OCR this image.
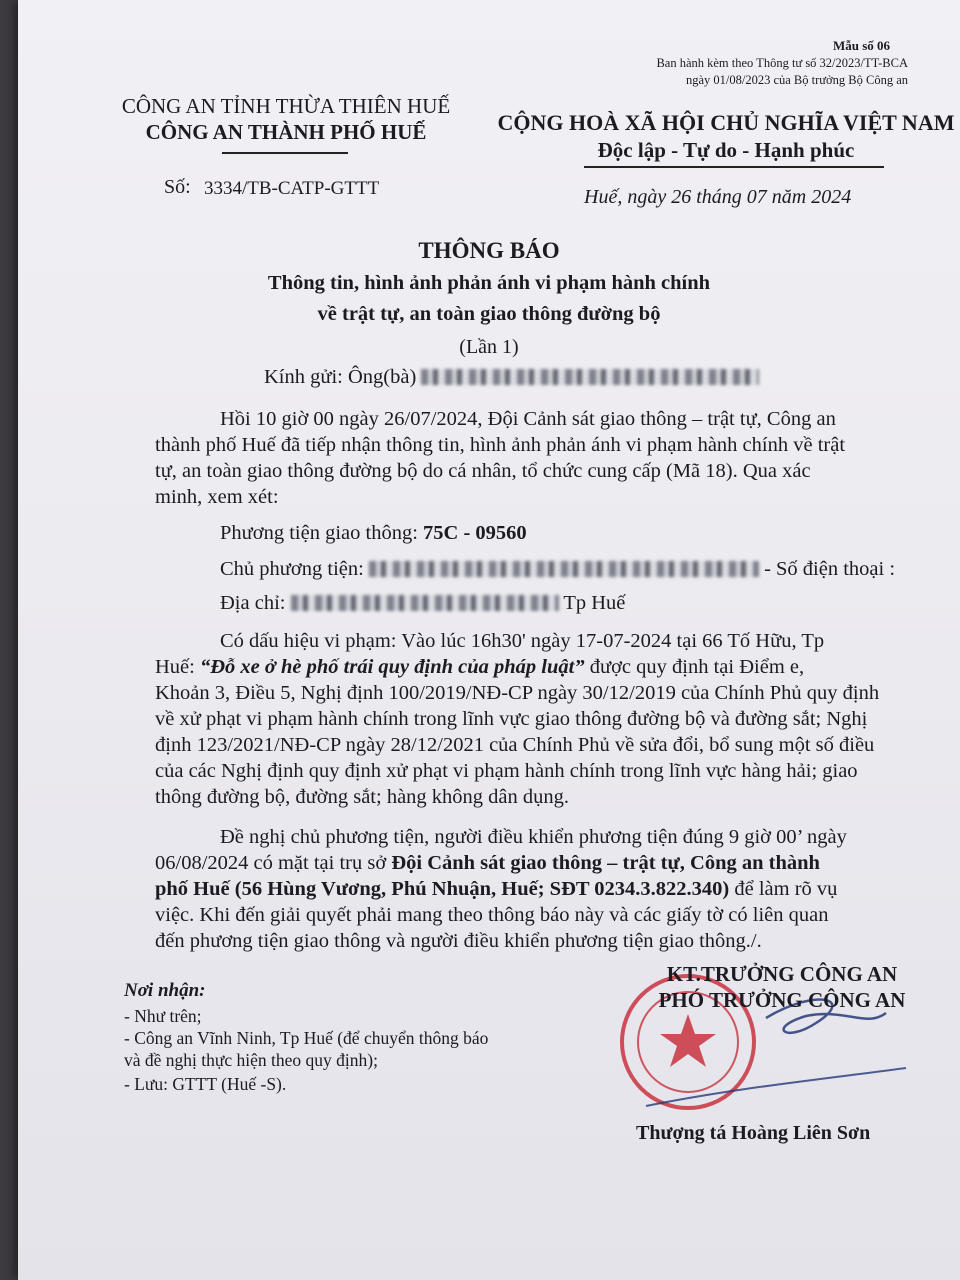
Mẫu số 06
Ban hành kèm theo Thông tư số 32/2023/TT-BCA
ngày 01/08/2023 của Bộ trưởng Bộ Công an
CÔNG AN TỈNH THỪA THIÊN HUẾ
CÔNG AN THÀNH PHỐ HUẾ
Số: 3334/TB-CATP-GTTT
CỘNG HOÀ XÃ HỘI CHỦ NGHĨA VIỆT NAM
Độc lập - Tự do - Hạnh phúc
Huế, ngày 26 tháng 07 năm 2024
THÔNG BÁO
Thông tin, hình ảnh phản ánh vi phạm hành chính
về trật tự, an toàn giao thông đường bộ
(Lần 1)
Kính gửi: Ông(bà)
Hồi 10 giờ 00 ngày 26/07/2024, Đội Cảnh sát giao thông – trật tự, Công an
thành phố Huế đã tiếp nhận thông tin, hình ảnh phản ánh vi phạm hành chính về trật
tự, an toàn giao thông đường bộ do cá nhân, tổ chức cung cấp (Mã 18). Qua xác
minh, xem xét:
Phương tiện giao thông: 75C - 09560
Chủ phương tiện:	- Số điện thoại :
Địa chỉ:	Tp Huế
Có dấu hiệu vi phạm: Vào lúc 16h30' ngày 17-07-2024 tại 66 Tố Hữu, Tp
Huế: “Đỗ xe ở hè phố trái quy định của pháp luật” được quy định tại Điểm e,
Khoản 3, Điều 5, Nghị định 100/2019/NĐ-CP ngày 30/12/2019 của Chính Phủ quy định
về xử phạt vi phạm hành chính trong lĩnh vực giao thông đường bộ và đường sắt; Nghị
định 123/2021/NĐ-CP ngày 28/12/2021 của Chính Phủ về sửa đổi, bổ sung một số điều
của các Nghị định quy định xử phạt vi phạm hành chính trong lĩnh vực hàng hải; giao
thông đường bộ, đường sắt; hàng không dân dụng.
Đề nghị chủ phương tiện, người điều khiển phương tiện đúng 9 giờ 00’ ngày
06/08/2024 có mặt tại trụ sở Đội Cảnh sát giao thông – trật tự, Công an thành
phố Huế (56 Hùng Vương, Phú Nhuận, Huế; SĐT 0234.3.822.340) để làm rõ vụ
việc. Khi đến giải quyết phải mang theo thông báo này và các giấy tờ có liên quan
đến phương tiện giao thông và người điều khiển phương tiện giao thông./.
Nơi nhận:
- Như trên;
- Công an Vĩnh Ninh, Tp Huế (để chuyển thông báo
và đề nghị thực hiện theo quy định);
- Lưu: GTTT (Huế -S).
KT.TRƯỞNG CÔNG AN
PHÓ TRƯỞNG CÔNG AN
Thượng tá Hoàng Liên Sơn
